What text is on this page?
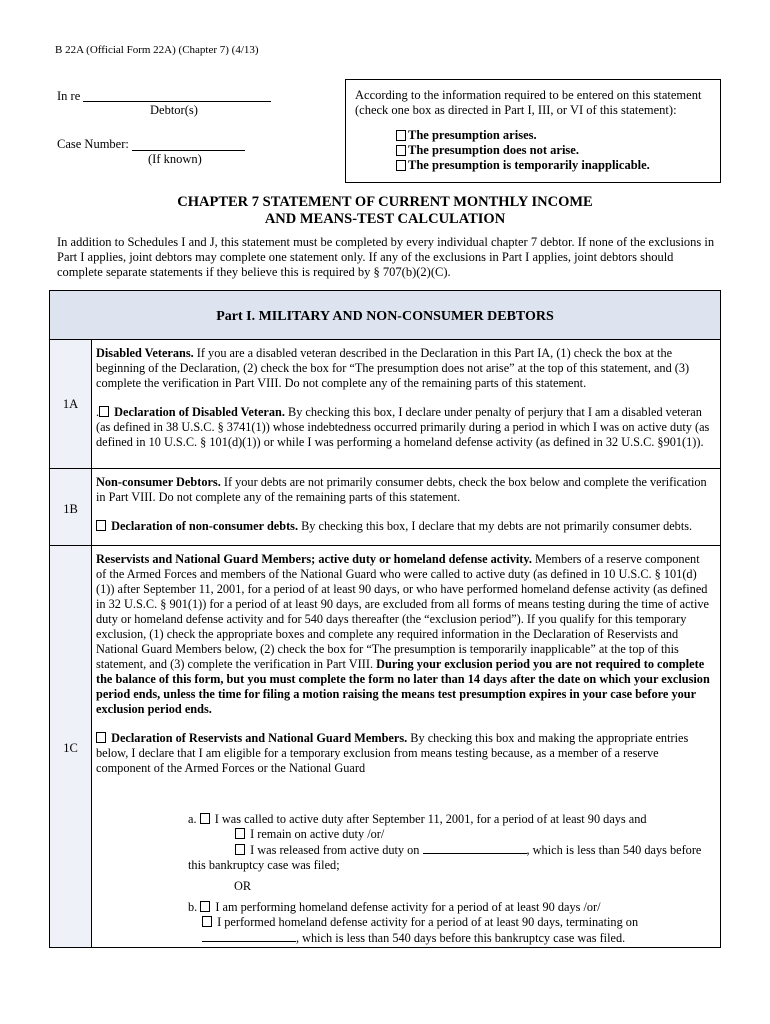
B 22A (Official Form 22A) (Chapter 7) (4/13)
In re
Debtor(s)
Case Number:
(If known)
According to the information required to be entered on this statement (check one box as directed in Part I, III, or VI of this statement):
The presumption arises.
The presumption does not arise.
The presumption is temporarily inapplicable.
CHAPTER 7 STATEMENT OF CURRENT MONTHLY INCOME
AND MEANS-TEST CALCULATION
In addition to Schedules I and J, this statement must be completed by every individual chapter 7 debtor. If none of the exclusions in Part I applies, joint debtors may complete one statement only. If any of the exclusions in Part I applies, joint debtors should complete separate statements if they believe this is required by § 707(b)(2)(C).
Part I. MILITARY AND NON-CONSUMER DEBTORS
1A

Disabled Veterans. If you are a disabled veteran described in the Declaration in this Part IA, (1) check the box at the beginning of the Declaration, (2) check the box for “The presumption does not arise” at the top of this statement, and (3) complete the verification in Part VIII. Do not complete any of the remaining parts of this statement.

. Declaration of Disabled Veteran. By checking this box, I declare under penalty of perjury that I am a disabled veteran (as defined in 38 U.S.C. § 3741(1)) whose indebtedness occurred primarily during a period in which I was on active duty (as defined in 10 U.S.C. § 101(d)(1)) or while I was performing a homeland defense activity (as defined in 32 U.S.C. §901(1)).

1B

Non-consumer Debtors. If your debts are not primarily consumer debts, check the box below and complete the verification in Part VIII. Do not complete any of the remaining parts of this statement.

Declaration of non-consumer debts. By checking this box, I declare that my debts are not primarily consumer debts.

1C

Reservists and National Guard Members; active duty or homeland defense activity. Members of a reserve component of the Armed Forces and members of the National Guard who were called to active duty (as defined in 10 U.S.C. § 101(d)(1)) after September 11, 2001, for a period of at least 90 days, or who have performed homeland defense activity (as defined in 32 U.S.C. § 901(1)) for a period of at least 90 days, are excluded from all forms of means testing during the time of active duty or homeland defense activity and for 540 days thereafter (the “exclusion period”). If you qualify for this temporary exclusion, (1) check the appropriate boxes and complete any required information in the Declaration of Reservists and National Guard Members below, (2) check the box for “The presumption is temporarily inapplicable” at the top of this statement, and (3) complete the verification in Part VIII. During your exclusion period you are not required to complete the balance of this form, but you must complete the form no later than 14 days after the date on which your exclusion period ends, unless the time for filing a motion raising the means test presumption expires in your case before your exclusion period ends.

Declaration of Reservists and National Guard Members. By checking this box and making the appropriate entries below, I declare that I am eligible for a temporary exclusion from means testing because, as a member of a reserve component of the Armed Forces or the National Guard

a.  I was called to active duty after September 11, 2001, for a period of at least 90 days and

I remain on active duty /or/

I was released from active duty on	, which is less than 540 days before

this bankruptcy case was filed;

OR

b.  I am performing homeland defense activity for a period of at least 90 days /or/

I performed homeland defense activity for a period of at least 90 days, terminating on

, which is less than 540 days before this bankruptcy case was filed.
